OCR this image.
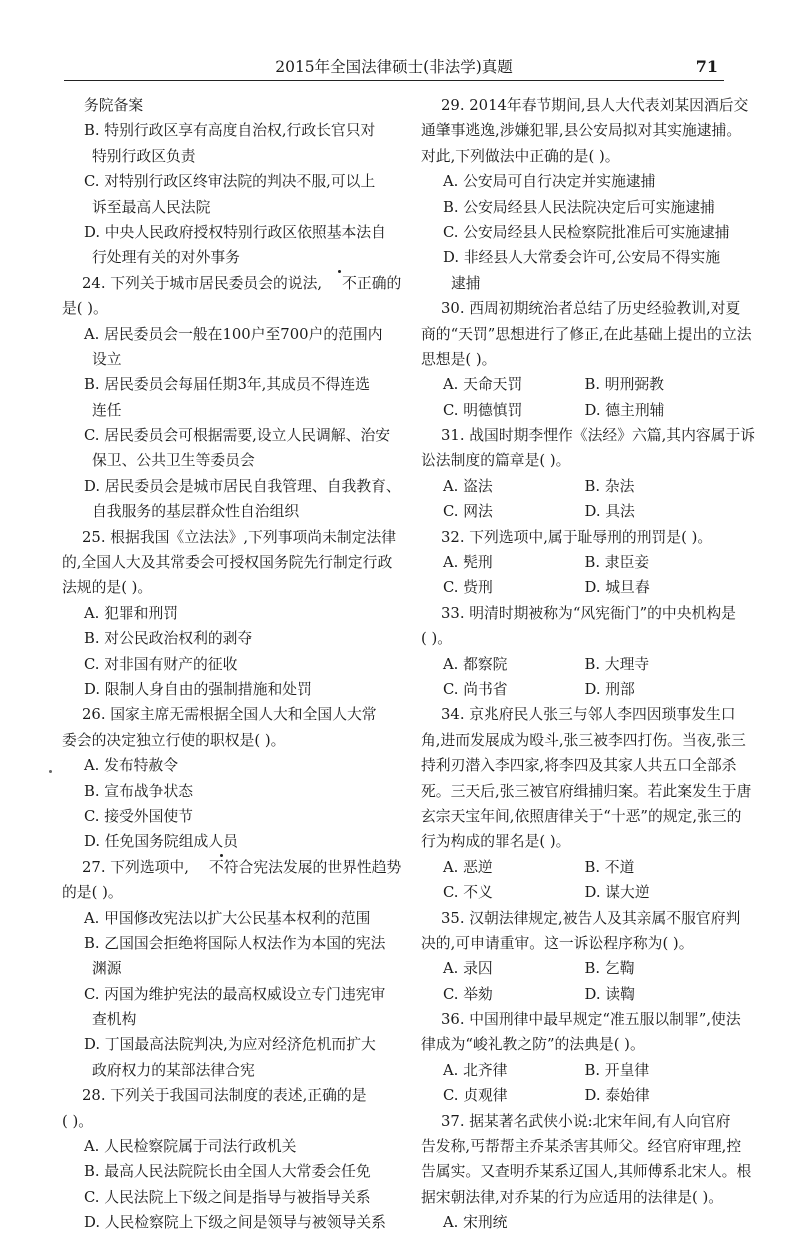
2015年全国法律硕士(非法学)真题	71
务院备案
B. 特别行政区享有高度自治权,行政长官只对
特别行政区负责
C. 对特别行政区终审法院的判决不服,可以上
诉至最高人民法院
D. 中央人民政府授权特别行政区依照基本法自
行处理有关的对外事务
24. 下列关于城市居民委员会的说法, 不正确的
是( )。
A. 居民委员会一般在100户至700户的范围内
设立
B. 居民委员会每届任期3年,其成员不得连选
连任
C. 居民委员会可根据需要,设立人民调解、治安
保卫、公共卫生等委员会
D. 居民委员会是城市居民自我管理、自我教育、
自我服务的基层群众性自治组织
25. 根据我国《立法法》,下列事项尚未制定法律
的,全国人大及其常委会可授权国务院先行制定行政
法规的是( )。
A. 犯罪和刑罚
B. 对公民政治权利的剥夺
C. 对非国有财产的征收
D. 限制人身自由的强制措施和处罚
26. 国家主席无需根据全国人大和全国人大常
委会的决定独立行使的职权是( )。
A. 发布特赦令
B. 宣布战争状态
C. 接受外国使节
D. 任免国务院组成人员
27. 下列选项中, 不符合宪法发展的世界性趋势
的是( )。
A. 甲国修改宪法以扩大公民基本权利的范围
B. 乙国国会拒绝将国际人权法作为本国的宪法
渊源
C. 丙国为维护宪法的最高权威设立专门违宪审
查机构
D. 丁国最高法院判决,为应对经济危机而扩大
政府权力的某部法律合宪
28. 下列关于我国司法制度的表述,正确的是
( )。
A. 人民检察院属于司法行政机关
B. 最高人民法院院长由全国人大常委会任免
C. 人民法院上下级之间是指导与被指导关系
D. 人民检察院上下级之间是领导与被领导关系
29. 2014年春节期间,县人大代表刘某因酒后交
通肇事逃逸,涉嫌犯罪,县公安局拟对其实施逮捕。
对此,下列做法中正确的是( )。
A. 公安局可自行决定并实施逮捕
B. 公安局经县人民法院决定后可实施逮捕
C. 公安局经县人民检察院批准后可实施逮捕
D. 非经县人大常委会许可,公安局不得实施
逮捕
30. 西周初期统治者总结了历史经验教训,对夏
商的“天罚”思想进行了修正,在此基础上提出的立法
思想是( )。
A. 天命天罚	B. 明刑弼教
C. 明德慎罚	D. 德主刑辅
31. 战国时期李悝作《法经》六篇,其内容属于诉
讼法制度的篇章是( )。
A. 盗法	B. 杂法
C. 网法	D. 具法
32. 下列选项中,属于耻辱刑的刑罚是( )。
A. 髡刑	B. 隶臣妾
C. 赀刑	D. 城旦舂
33. 明清时期被称为“风宪衙门”的中央机构是
( )。
A. 都察院	B. 大理寺
C. 尚书省	D. 刑部
34. 京兆府民人张三与邻人李四因琐事发生口
角,进而发展成为殴斗,张三被李四打伤。当夜,张三
持利刃潜入李四家,将李四及其家人共五口全部杀
死。三天后,张三被官府缉捕归案。若此案发生于唐
玄宗天宝年间,依照唐律关于“十恶”的规定,张三的
行为构成的罪名是( )。
A. 恶逆	B. 不道
C. 不义	D. 谋大逆
35. 汉朝法律规定,被告人及其亲属不服官府判
决的,可申请重审。这一诉讼程序称为( )。
A. 录囚	B. 乞鞫
C. 举劾	D. 读鞫
36. 中国刑律中最早规定“准五服以制罪”,使法
律成为“峻礼教之防”的法典是( )。
A. 北齐律	B. 开皇律
C. 贞观律	D. 泰始律
37. 据某著名武侠小说:北宋年间,有人向官府
告发称,丐帮帮主乔某杀害其师父。经官府审理,控
告属实。又查明乔某系辽国人,其师傅系北宋人。根
据宋朝法律,对乔某的行为应适用的法律是( )。
A. 宋刑统
